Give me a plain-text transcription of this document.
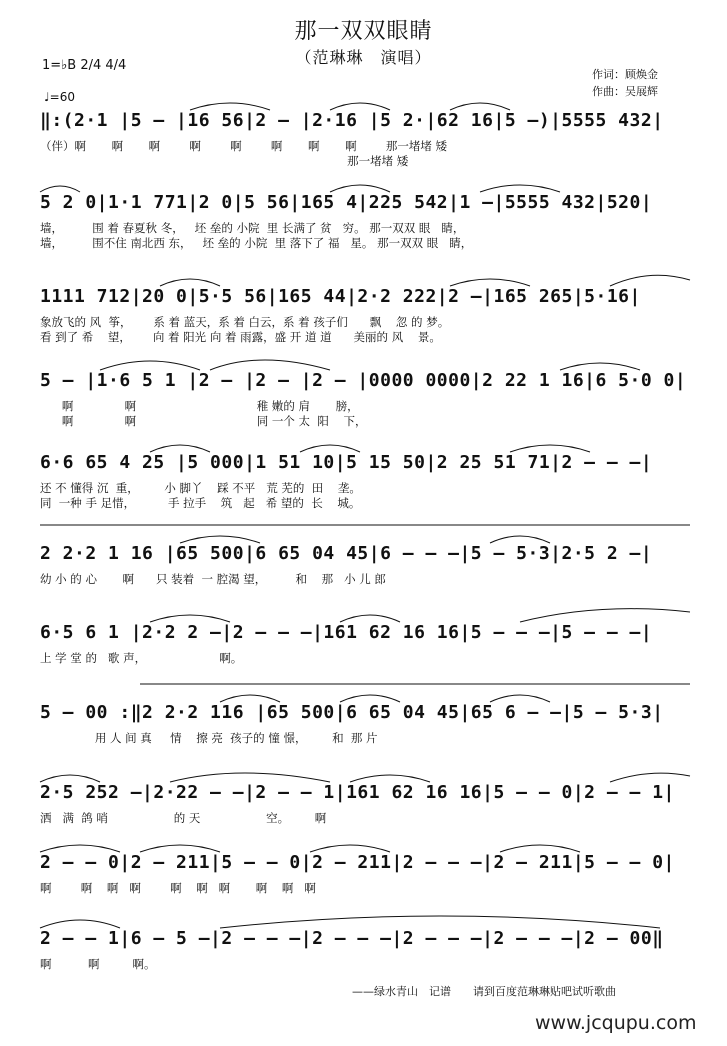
那一双双眼睛
（范琳琳　演唱）
1=♭B 2/4 4/4
♩=60
作词：顾焕金
作曲：吴展辉
‖:(2·1 |5 – |16 56|2 – |2·16 |5 2·|62 16|5 –)|5555 432|
（伴）啊       啊       啊        啊        啊        啊       啊       啊        那一堵堵 矮
那一堵堵 矮
5 2 0|1·1 771|2 0|5 56|165 4|225 542|1 –|5555 432|520|
墙，        围 着 春夏秋 冬，   坯 垒的 小院  里 长满了 贫   穷。 那一双双 眼   睛，
墙，        围不住 南北西 东，   坯 垒的 小院  里 落下了 福   星。 那一双双 眼   睛，
1111 712|20 0|5·5 56|165 44|2·2 222|2 –|165 265|5·16|
象放飞的 风  筝，      系 着 蓝天，系 着 白云，系 着 孩子们      飘    忽 的 梦。
看 到了 希    望，      向 着 阳光 向 着 雨露，盛 开 道 道      美丽的 风    景。
5 – |1·6 5 1 |2 – |2 – |2 – |0000 0000|2 22 1 16|6 5·0 0|
啊              啊                                 稚 嫩的 肩       膀，
啊              啊                                 同 一个 太  阳    下，
6·6 65 4 25 |5 000|1 51 10|5 15 50|2 25 51 71|2 – – –|
还 不 懂得 沉  重，       小 脚丫    踩 不平   荒 芜的  田    垄。
同  一种 手 足惜，         手 拉手    筑   起   希 望的  长    城。
2 2·2 1 16 |65 500|6 65 04 45|6 – – –|5 – 5·3|2·5 2 –|
幼 小 的 心       啊      只 装着  一 腔渴 望，        和    那   小 儿 郎
6·5 6 1 |2·2 2 –|2 – – –|161 62 16 16|5 – – –|5 – – –|
上 学 堂 的   歌 声，                    啊。
5 – 00 :‖2 2·2 116 |65 500|6 65 04 45|65 6 – –|5 – 5·3|
用 人 间 真     情    擦 亮  孩子的 憧 憬，       和  那 片
2·5 252 –|2·22 – –|2 – – 1|161 62 16 16|5 – – 0|2 – – 1|
洒   满  鸽 哨                  的 天                  空。       啊
2 – – 0|2 – 211|5 – – 0|2 – 211|2 – – –|2 – 211|5 – – 0|
啊        啊    啊   啊        啊    啊   啊       啊    啊   啊
2 – – 1|6 – 5 –|2 – – –|2 – – –|2 – – –|2 – – –|2 – 00‖
啊          啊         啊。
——绿水青山　记谱　　请到百度范琳琳贴吧试听歌曲
www.jcqupu.com
